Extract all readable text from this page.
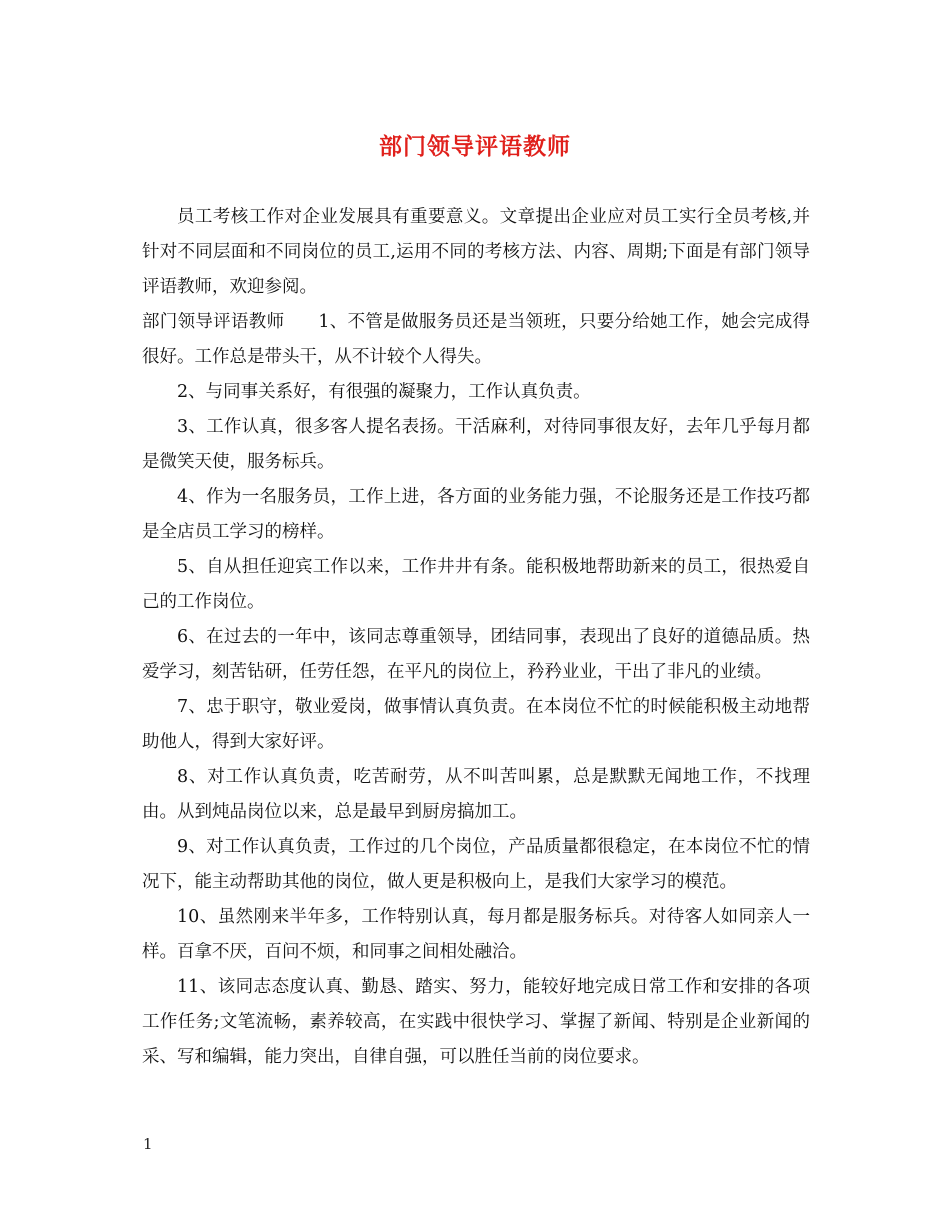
部门领导评语教师

员工考核工作对企业发展具有重要意义。文章提出企业应对员工实行全员考核,并针对不同层面和不同岗位的员工,运用不同的考核方法、内容、周期;下面是有部门领导评语教师，欢迎参阅。

部门领导评语教师 1、不管是做服务员还是当领班，只要分给她工作，她会完成得很好。工作总是带头干，从不计较个人得失。

2、与同事关系好，有很强的凝聚力，工作认真负责。

3、工作认真，很多客人提名表扬。干活麻利，对待同事很友好，去年几乎每月都是微笑天使，服务标兵。

4、作为一名服务员，工作上进，各方面的业务能力强，不论服务还是工作技巧都是全店员工学习的榜样。

5、自从担任迎宾工作以来，工作井井有条。能积极地帮助新来的员工，很热爱自己的工作岗位。

6、在过去的一年中，该同志尊重领导，团结同事，表现出了良好的道德品质。热爱学习，刻苦钻研，任劳任怨，在平凡的岗位上，矜矜业业，干出了非凡的业绩。

7、忠于职守，敬业爱岗，做事情认真负责。在本岗位不忙的时候能积极主动地帮助他人，得到大家好评。

8、对工作认真负责，吃苦耐劳，从不叫苦叫累，总是默默无闻地工作，不找理由。从到炖品岗位以来，总是最早到厨房搞加工。

9、对工作认真负责，工作过的几个岗位，产品质量都很稳定，在本岗位不忙的情况下，能主动帮助其他的岗位，做人更是积极向上，是我们大家学习的模范。

10、虽然刚来半年多，工作特别认真，每月都是服务标兵。对待客人如同亲人一样。百拿不厌，百问不烦，和同事之间相处融洽。

11、该同志态度认真、勤恳、踏实、努力，能较好地完成日常工作和安排的各项工作任务;文笔流畅，素养较高，在实践中很快学习、掌握了新闻、特别是企业新闻的采、写和编辑，能力突出，自律自强，可以胜任当前的岗位要求。

1
